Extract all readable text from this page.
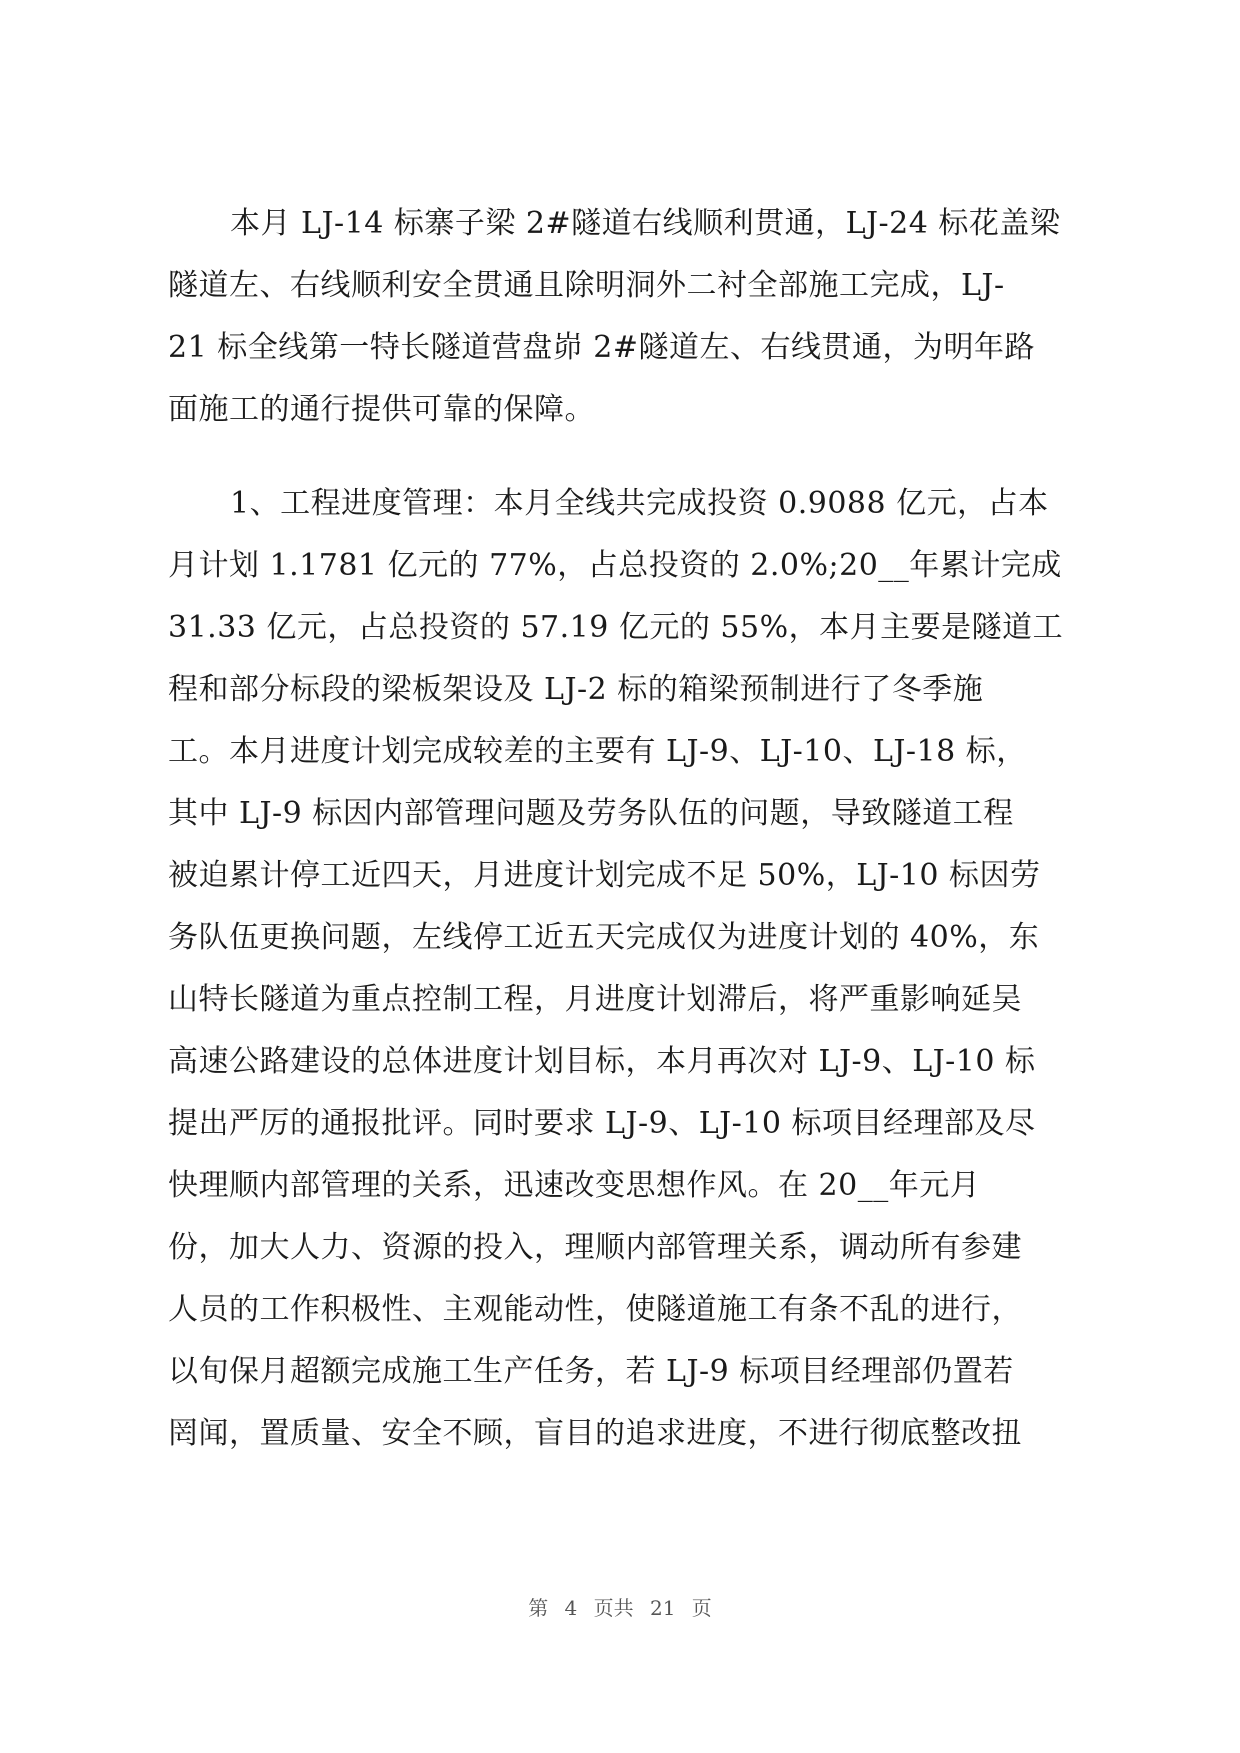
本月 LJ-14 标寨子梁 2#隧道右线顺利贯通，LJ-24 标花盖梁
隧道左、右线顺利安全贯通且除明洞外二衬全部施工完成，LJ-
21 标全线第一特长隧道营盘峁 2#隧道左、右线贯通，为明年路
面施工的通行提供可靠的保障。
1、工程进度管理：本月全线共完成投资 0.9088 亿元，占本
月计划 1.1781 亿元的 77%，占总投资的 2.0%;20__年累计完成
31.33 亿元，占总投资的 57.19 亿元的 55%，本月主要是隧道工
程和部分标段的梁板架设及 LJ-2 标的箱梁预制进行了冬季施
工。本月进度计划完成较差的主要有 LJ-9、LJ-10、LJ-18 标，
其中 LJ-9 标因内部管理问题及劳务队伍的问题，导致隧道工程
被迫累计停工近四天，月进度计划完成不足 50%，LJ-10 标因劳
务队伍更换问题，左线停工近五天完成仅为进度计划的 40%，东
山特长隧道为重点控制工程，月进度计划滞后，将严重影响延吴
高速公路建设的总体进度计划目标，本月再次对 LJ-9、LJ-10 标
提出严厉的通报批评。同时要求 LJ-9、LJ-10 标项目经理部及尽
快理顺内部管理的关系，迅速改变思想作风。在 20__年元月
份，加大人力、资源的投入，理顺内部管理关系，调动所有参建
人员的工作积极性、主观能动性，使隧道施工有条不乱的进行，
以旬保月超额完成施工生产任务，若 LJ-9 标项目经理部仍置若
罔闻，置质量、安全不顾，盲目的追求进度，不进行彻底整改扭
第 4 页共 21 页
